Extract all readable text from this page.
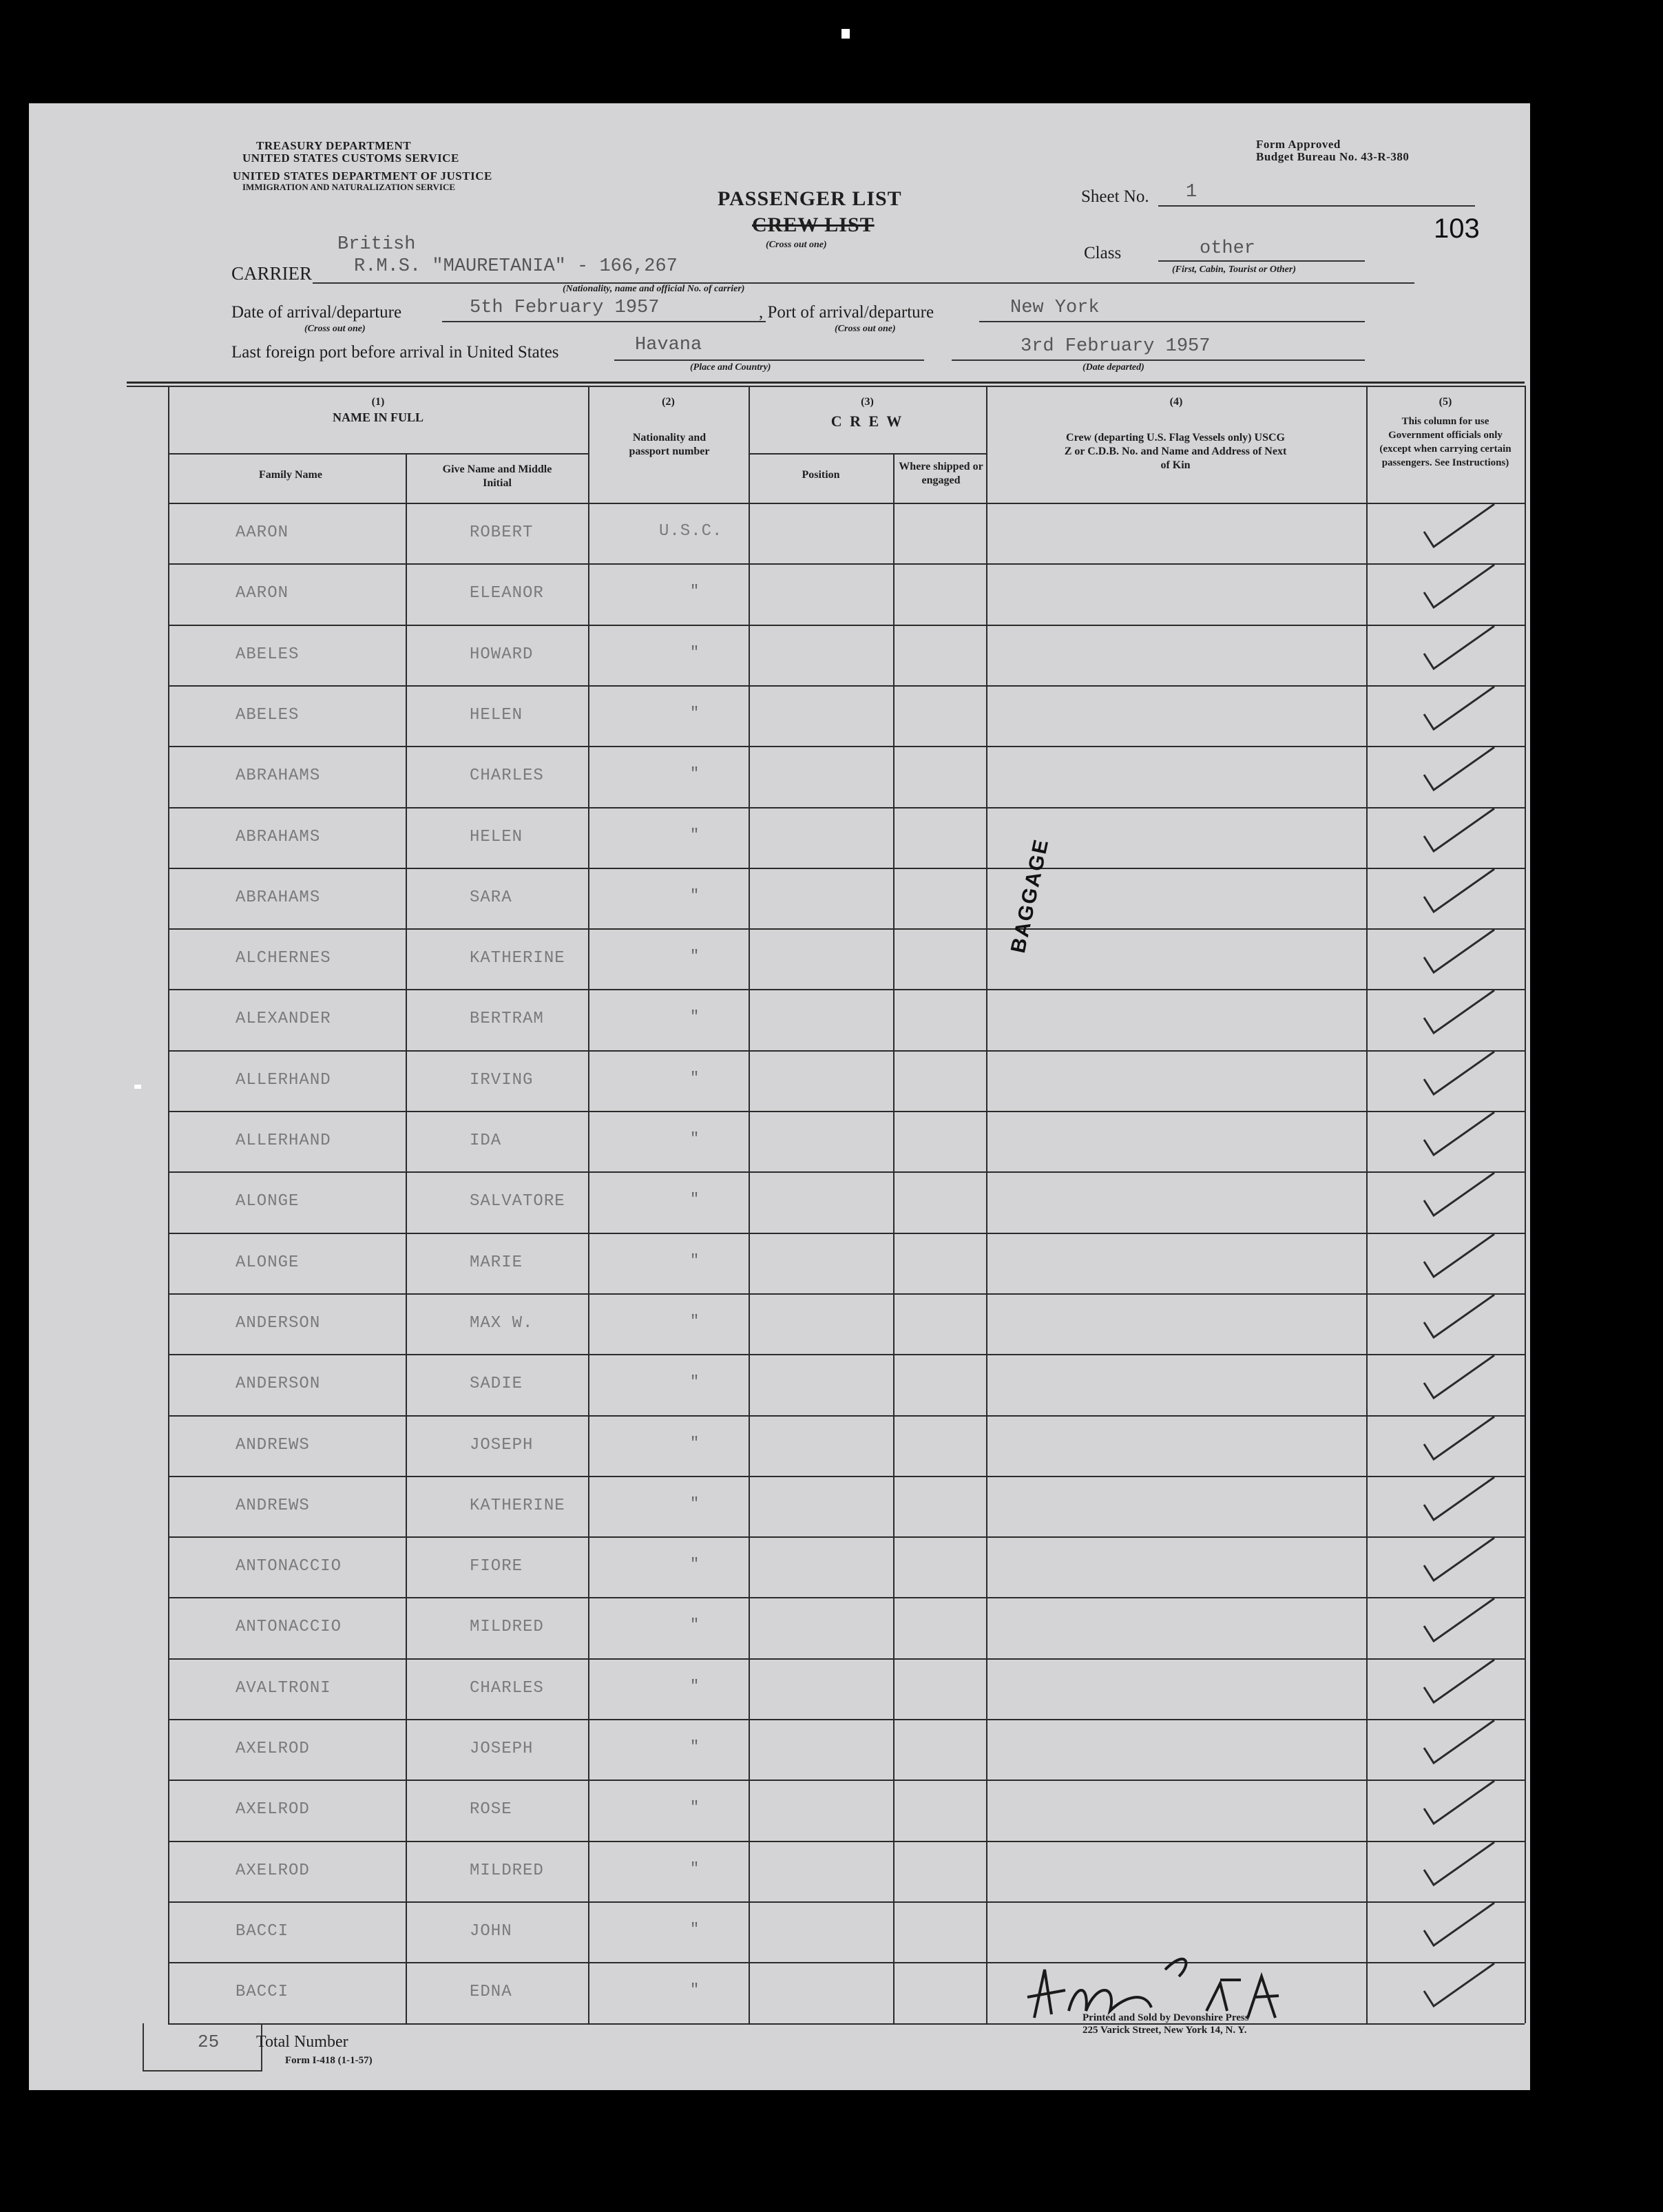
TREASURY DEPARTMENT
UNITED STATES CUSTOMS SERVICE
UNITED STATES DEPARTMENT OF JUSTICE
IMMIGRATION AND NATURALIZATION SERVICE
Form Approved
Budget Bureau No. 43-R-380
PASSENGER LIST
CREW LIST
(Cross out one)
Sheet No. 1
103
Class	other
(First, Cabin, Tourist or Other)
British
CARRIER R.M.S. "MAURETANIA" - 166,267
(Nationality, name and official No. of carrier)
Date of arrival/departure	5th February 1957
(Cross out one)
, Port of arrival/departure	New York
(Cross out one)
Last foreign port before arrival in United States	Havana
(Place and Country)
3rd February 1957
(Date departed)
(1)
NAME IN FULL
Family Name	Give Name and Middle Initial
(2)
Nationality and passport number
(3)
C R E W
Position
Where shipped or engaged
(4)
Crew (departing U.S. Flag Vessels only) USCG Z or C.D.B. No. and Name and Address of Next of Kin
(5)
This column for use Government officials only (except when carrying certain passengers. See Instructions)
AARON	ROBERT	U.S.C.
AARON	ELEANOR	"
ABELES	HOWARD	"
ABELES	HELEN	"
ABRAHAMS	CHARLES	"
ABRAHAMS	HELEN	"
ABRAHAMS	SARA	"
ALCHERNES	KATHERINE	"
ALEXANDER	BERTRAM	"
ALLERHAND	IRVING	"
ALLERHAND	IDA	"
ALONGE	SALVATORE	"
ALONGE	MARIE	"
ANDERSON	MAX W.	"
ANDERSON	SADIE	"
ANDREWS	JOSEPH	"
ANDREWS	KATHERINE	"
ANTONACCIO	FIORE	"
ANTONACCIO	MILDRED	"
AVALTRONI	CHARLES	"
AXELROD	JOSEPH	"
AXELROD	ROSE	"
AXELROD	MILDRED	"
BACCI	JOHN	"
BACCI	EDNA	"
BAGGAGE
25 Total Number
Form I-418 (1-1-57)
Printed and Sold by Devonshire Press
225 Varick Street, New York 14, N. Y.
